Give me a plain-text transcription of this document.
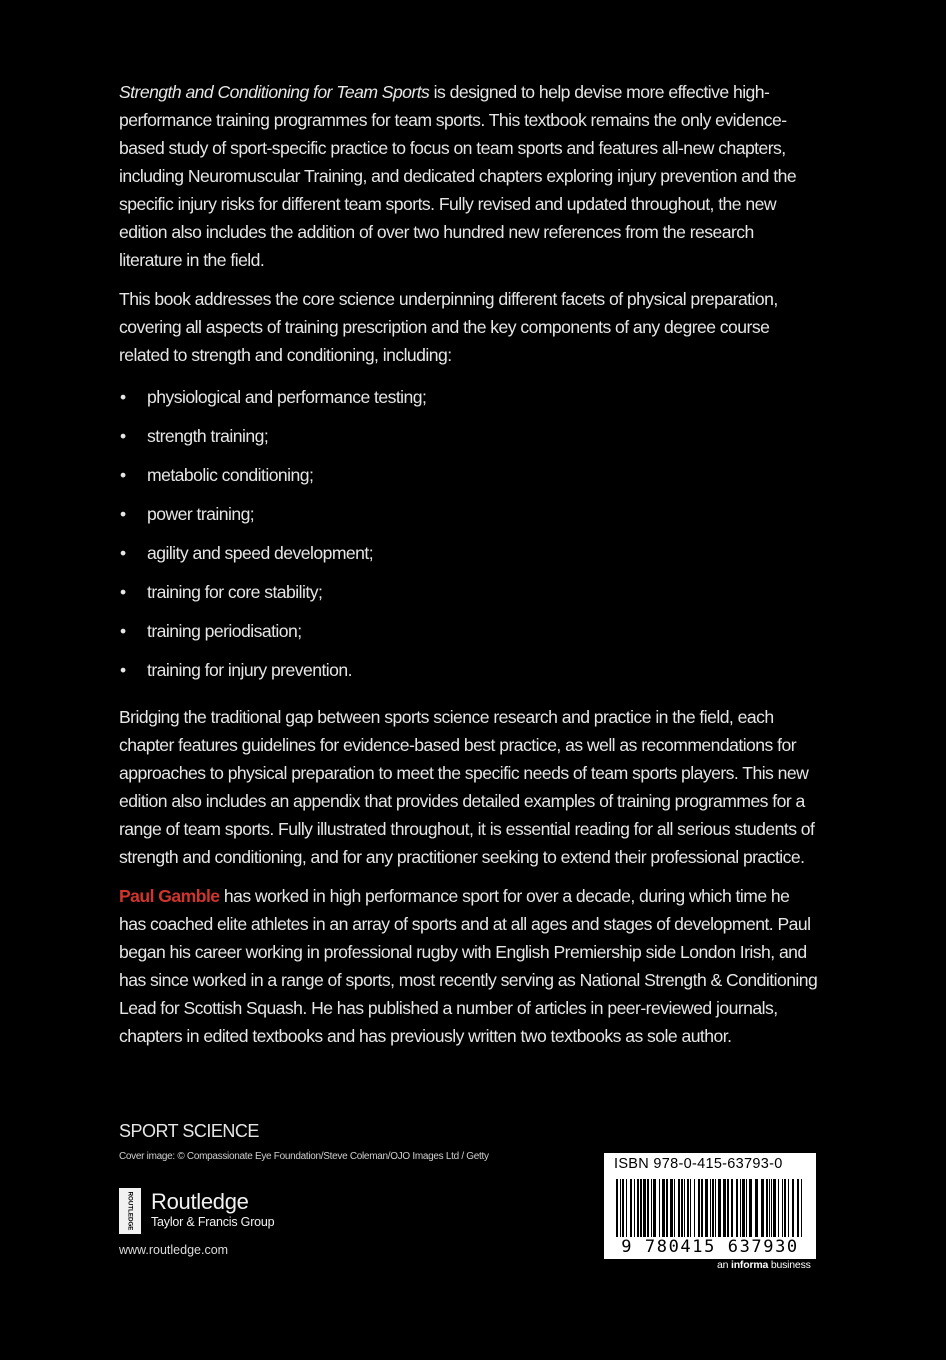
Strength and Conditioning for Team Sports is designed to help devise more effective high-performance training programmes for team sports. This textbook remains the only evidence-based study of sport-specific practice to focus on team sports and features all-new chapters, including Neuromuscular Training, and dedicated chapters exploring injury prevention and the specific injury risks for different team sports. Fully revised and updated throughout, the new edition also includes the addition of over two hundred new references from the research literature in the field.

This book addresses the core science underpinning different facets of physical preparation, covering all aspects of training prescription and the key components of any degree course related to strength and conditioning, including:

• physiological and performance testing;
• strength training;
• metabolic conditioning;
• power training;
• agility and speed development;
• training for core stability;
• training periodisation;
• training for injury prevention.

Bridging the traditional gap between sports science research and practice in the field, each chapter features guidelines for evidence-based best practice, as well as recommendations for approaches to physical preparation to meet the specific needs of team sports players. This new edition also includes an appendix that provides detailed examples of training programmes for a range of team sports. Fully illustrated throughout, it is essential reading for all serious students of strength and conditioning, and for any practitioner seeking to extend their professional practice.

Paul Gamble has worked in high performance sport for over a decade, during which time he has coached elite athletes in an array of sports and at all ages and stages of development. Paul began his career working in professional rugby with English Premiership side London Irish, and has since worked in a range of sports, most recently serving as National Strength & Conditioning Lead for Scottish Squash. He has published a number of articles in peer-reviewed journals, chapters in edited textbooks and has previously written two textbooks as sole author.

SPORT SCIENCE
Cover image: © Compassionate Eye Foundation/Steve Coleman/OJO Images Ltd / Getty
ROUTLEDGE Routledge
Taylor & Francis Group
www.routledge.com
ISBN 978-0-415-63793-0
9 780415 637930
an informa business
